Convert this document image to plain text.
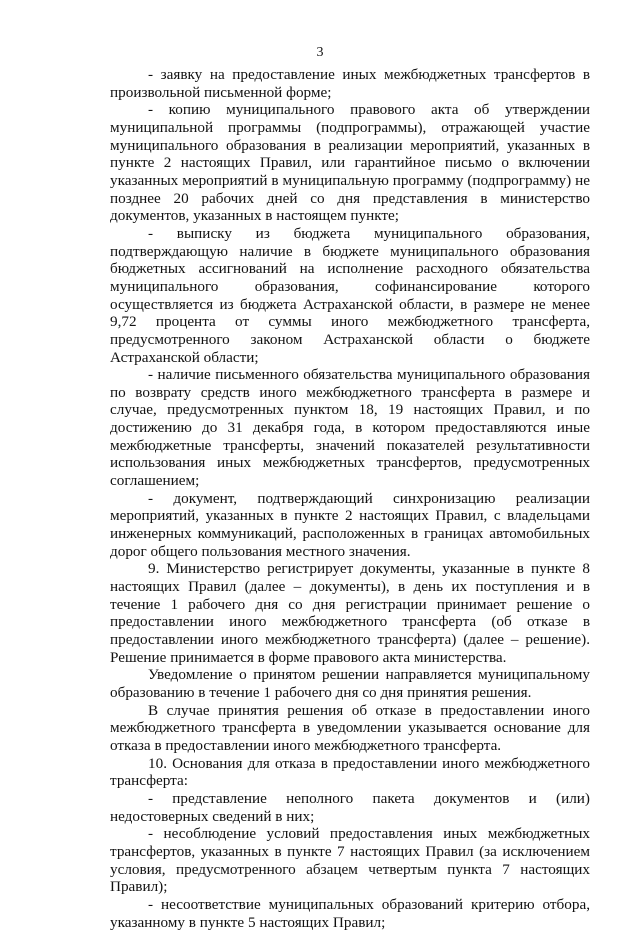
3

- заявку на предоставление иных межбюджетных трансфертов в произвольной письменной форме;

- копию муниципального правового акта об утверждении муниципальной программы (подпрограммы), отражающей участие муниципального образования в реализации мероприятий, указанных в пункте 2 настоящих Правил, или гарантийное письмо о включении указанных мероприятий в муниципальную программу (подпрограмму) не позднее 20 рабочих дней со дня представления в министерство документов, указанных в настоящем пункте;

- выписку из бюджета муниципального образования, подтверждающую наличие в бюджете муниципального образования бюджетных ассигнований на исполнение расходного обязательства муниципального образования, софинансирование которого осуществляется из бюджета Астраханской области, в размере не менее 9,72 процента от суммы иного межбюджетного трансферта, предусмотренного законом Астраханской области о бюджете Астраханской области;

- наличие письменного обязательства муниципального образования по возврату средств иного межбюджетного трансферта в размере и случае, предусмотренных пунктом 18, 19 настоящих Правил, и по достижению до 31 декабря года, в котором предоставляются иные межбюджетные трансферты, значений показателей результативности использования иных межбюджетных трансфертов, предусмотренных соглашением;

- документ, подтверждающий синхронизацию реализации мероприятий, указанных в пункте 2 настоящих Правил, с владельцами инженерных коммуникаций, расположенных в границах автомобильных дорог общего пользования местного значения.

9. Министерство регистрирует документы, указанные в пункте 8 настоящих Правил (далее – документы), в день их поступления и в течение 1 рабочего дня со дня регистрации принимает решение о предоставлении иного межбюджетного трансферта (об отказе в предоставлении иного межбюджетного трансферта) (далее – решение). Решение принимается в форме правового акта министерства.

Уведомление о принятом решении направляется муниципальному образованию в течение 1 рабочего дня со дня принятия решения.

В случае принятия решения об отказе в предоставлении иного межбюджетного трансферта в уведомлении указывается основание для отказа в предоставлении иного межбюджетного трансферта.

10. Основания для отказа в предоставлении иного межбюджетного трансферта:

- представление неполного пакета документов и (или) недостоверных сведений в них;

- несоблюдение условий предоставления иных межбюджетных трансфертов, указанных в пункте 7 настоящих Правил (за исключением условия, предусмотренного абзацем четвертым пункта 7 настоящих Правил);

- несоответствие муниципальных образований критерию отбора, указанному в пункте 5 настоящих Правил;
